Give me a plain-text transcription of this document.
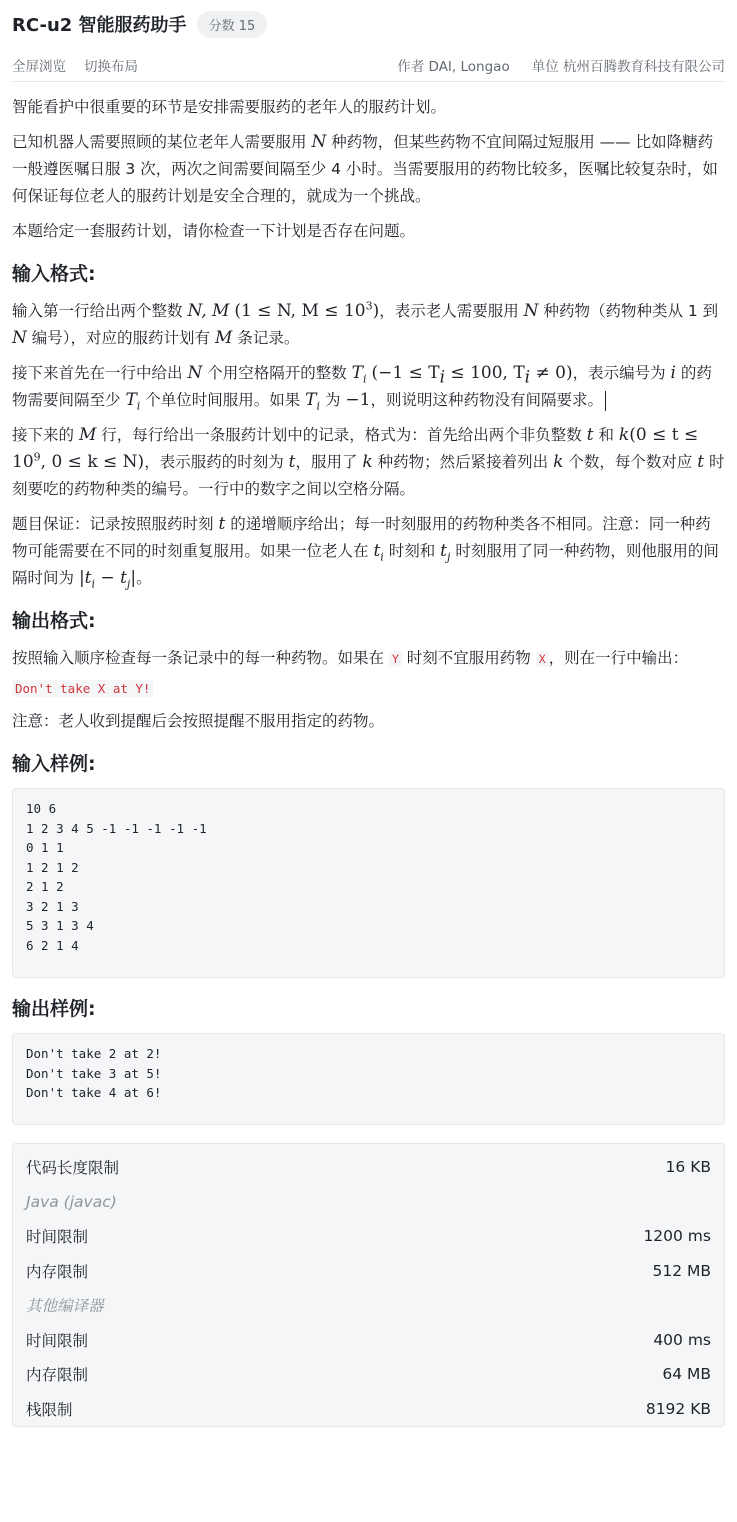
RC-u2 智能服药助手	分数 15
全屏浏览 切换布局	作者 DAI, Longao 单位 杭州百腾教育科技有限公司

智能看护中很重要的环节是安排需要服药的老年人的服药计划。

已知机器人需要照顾的某位老年人需要服用 N 种药物，但某些药物不宜间隔过短服用 —— 比如降糖药一般遵医嘱日服 3 次，两次之间需要间隔至少 4 小时。当需要服用的药物比较多，医嘱比较复杂时，如何保证每位老人的服药计划是安全合理的，就成为一个挑战。

本题给定一套服药计划，请你检查一下计划是否存在问题。

输入格式:

输入第一行给出两个整数 N, M (1 ≤ N, $M \le 10^3$)，表示老人需要服用 N 种药物（药物种类从 1 到 N 编号），对应的服药计划有 M 条记录。

接下来首先在一行中给出 N 个用空格隔开的整数 $T_i$ ($-1 \le T_i \le 100$, $T_i \ne 0$)，表示编号为 i 的药物需要间隔至少 $T_i$ 个单位时间服用。如果 $T_i$ 为 −1，则说明这种药物没有间隔要求。

接下来的 M 行，每行给出一条服药计划中的记录，格式为：首先给出两个非负整数 t 和 $k(0 \le t \le 10^9$, 0 ≤ k ≤ N)，表示服药的时刻为 t，服用了 k 种药物；然后紧接着列出 k 个数，每个数对应 t 时刻要吃的药物种类的编号。一行中的数字之间以空格分隔。

题目保证：记录按照服药时刻 t 的递增顺序给出；每一时刻服用的药物种类各不相同。注意：同一种药物可能需要在不同的时刻重复服用。如果一位老人在 $t_i$ 时刻和 $t_j$ 时刻服用了同一种药物，则他服用的间隔时间为 $|t_i - t_j|$。

输出格式:

按照输入顺序检查每一条记录中的每一种药物。如果在 Y 时刻不宜服用药物 X ，则在一行中输出：

Don't take X at Y!

注意：老人收到提醒后会按照提醒不服用指定的药物。

输入样例:
10 6
1 2 3 4 5 -1 -1 -1 -1 -1
0 1 1
1 2 1 2
2 1 2
3 2 1 3
5 3 1 3 4
6 2 1 4
输出样例:
Don't take 2 at 2!
Don't take 3 at 5!
Don't take 4 at 6!
代码长度限制	16 KB
Java (javac)
时间限制	1200 ms
内存限制	512 MB
其他编译器
时间限制	400 ms
内存限制	64 MB
栈限制	8192 KB
